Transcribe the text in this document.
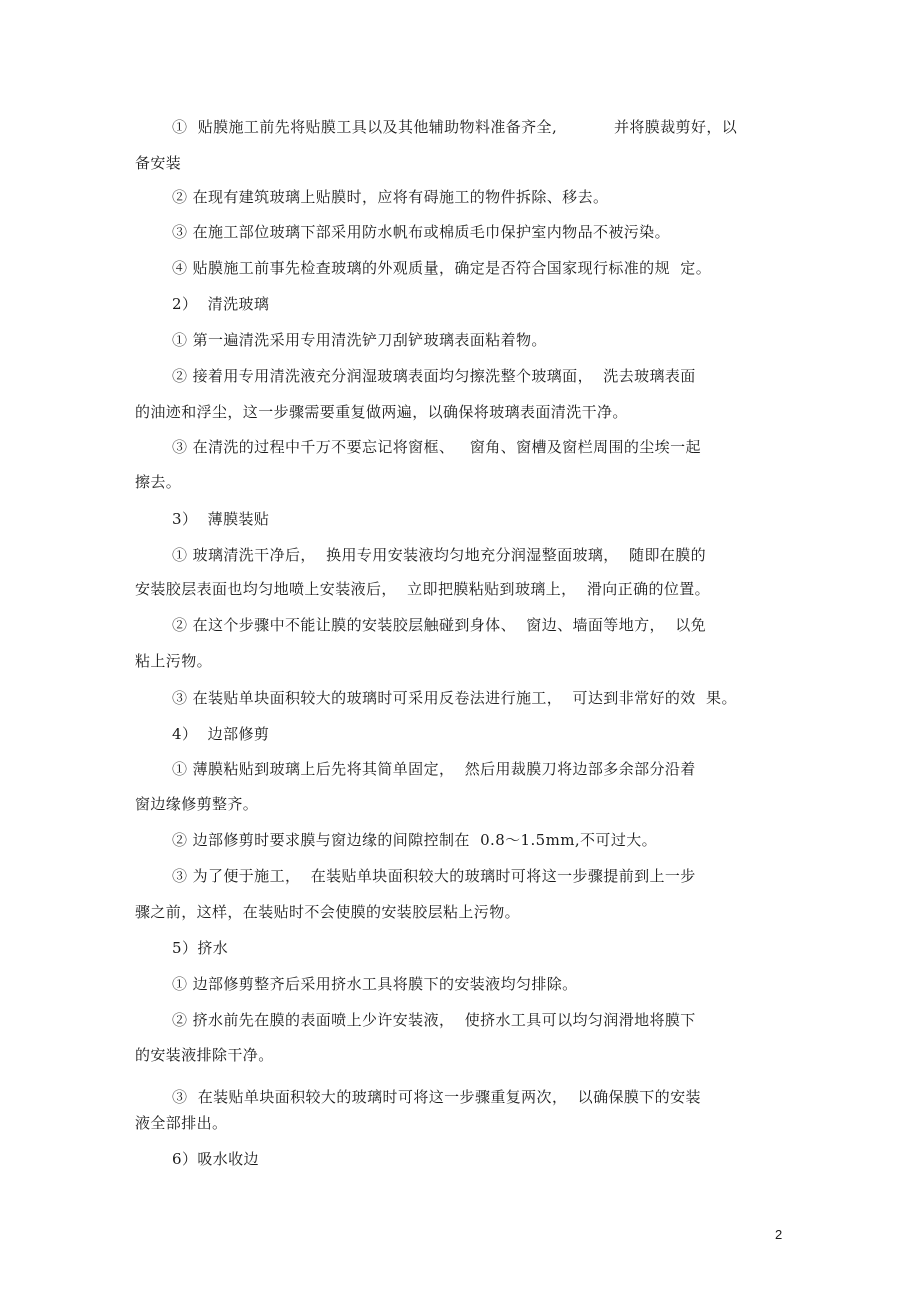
①  贴膜施工前先将贴膜工具以及其他辅助物料准备齐全,           并将膜裁剪好，以
备安装
② 在现有建筑玻璃上贴膜时，应将有碍施工的物件拆除、移去。
③ 在施工部位玻璃下部采用防水帆布或棉质毛巾保护室内物品不被污染。
④ 贴膜施工前事先检查玻璃的外观质量，确定是否符合国家现行标准的规  定。
2）  清洗玻璃
① 第一遍清洗采用专用清洗铲刀刮铲玻璃表面粘着物。
② 接着用专用清洗液充分润湿玻璃表面均匀擦洗整个玻璃面，  洗去玻璃表面
的油迹和浮尘，这一步骤需要重复做两遍，以确保将玻璃表面清洗干净。
③ 在清洗的过程中千万不要忘记将窗框、   窗角、窗槽及窗栏周围的尘埃一起
擦去。
3）  薄膜装贴
① 玻璃清洗干净后，  换用专用安装液均匀地充分润湿整面玻璃，  随即在膜的
安装胶层表面也均匀地喷上安装液后，  立即把膜粘贴到玻璃上，  滑向正确的位置。
② 在这个步骤中不能让膜的安装胶层触碰到身体、  窗边、墙面等地方，  以免
粘上污物。
③ 在装贴单块面积较大的玻璃时可采用反卷法进行施工，  可达到非常好的效  果。
4）  边部修剪
① 薄膜粘贴到玻璃上后先将其简单固定，  然后用裁膜刀将边部多余部分沿着
窗边缘修剪整齐。
② 边部修剪时要求膜与窗边缘的间隙控制在  0.8～1.5mm,不可过大。
③ 为了便于施工，  在装贴单块面积较大的玻璃时可将这一步骤提前到上一步
骤之前，这样，在装贴时不会使膜的安装胶层粘上污物。
5）挤水
① 边部修剪整齐后采用挤水工具将膜下的安装液均匀排除。
② 挤水前先在膜的表面喷上少许安装液，  使挤水工具可以均匀润滑地将膜下
的安装液排除干净。
③  在装贴单块面积较大的玻璃时可将这一步骤重复两次，  以确保膜下的安装
液全部排出。
6）吸水收边
2
